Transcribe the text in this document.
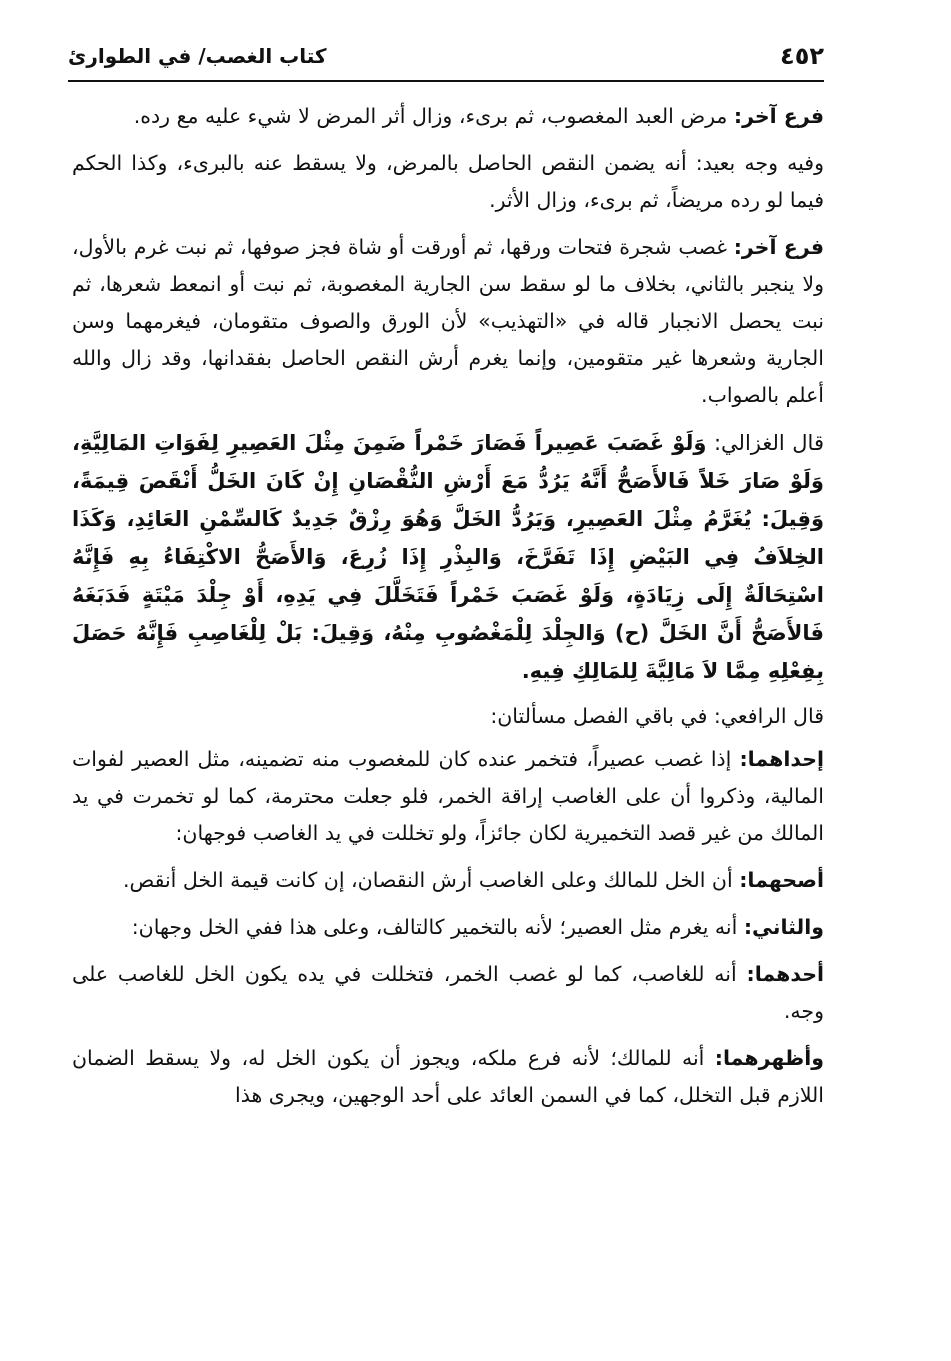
٤٥٢
كتاب الغصب/ في الطوارئ

فرع آخر: مرض العبد المغصوب، ثم برىء، وزال أثر المرض لا شيء عليه مع رده.

وفيه وجه بعيد: أنه يضمن النقص الحاصل بالمرض، ولا يسقط عنه بالبرىء، وكذا الحكم فيما لو رده مريضاً، ثم برىء، وزال الأثر.

فرع آخر: غصب شجرة فتحات ورقها، ثم أورقت أو شاة فجز صوفها، ثم نبت غرم بالأول، ولا ينجبر بالثاني، بخلاف ما لو سقط سن الجارية المغصوبة، ثم نبت أو انمعط شعرها، ثم نبت يحصل الانجبار قاله في «التهذيب» لأن الورق والصوف متقومان، فيغرمهما وسن الجارية وشعرها غير متقومين، وإنما يغرم أرش النقص الحاصل بفقدانها، وقد زال والله أعلم بالصواب.

قال الغزالي: وَلَوْ غَصَبَ عَصِيراً فَصَارَ خَمْراً ضَمِنَ مِثْلَ العَصِيرِ لِفَوَاتِ المَالِيَّةِ، وَلَوْ صَارَ خَلاً فَالأَصَحُّ أَنَّهُ يَرُدُّ مَعَ أَرْشِ النُّقْصَانِ إِنْ كَانَ الخَلُّ أَنْقَصَ قِيمَةً، وَقِيلَ: يُغَرَّمُ مِثْلَ العَصِيرِ، وَيَرُدُّ الخَلَّ وَهُوَ رِزْقٌ جَدِيدٌ كَالسِّمْنِ العَائِدِ، وَكَذَا الخِلاَفُ فِي البَيْضِ إِذَا تَفَرَّخَ، وَالبِذْرِ إِذَا زُرِعَ، وَالأَصَحُّ الاكْتِفَاءُ بِهِ فَإِنَّهُ اسْتِحَالَةٌ إِلَى زِيَادَةٍ، وَلَوْ غَصَبَ خَمْراً فَتَخَلَّلَ فِي يَدِهِ، أَوْ جِلْدَ مَيْتَةٍ فَدَبَغَهُ فَالأَصَحُّ أَنَّ الخَلَّ (ح) وَالجِلْدَ لِلْمَغْصُوبِ مِنْهُ، وَقِيلَ: بَلْ لِلْغَاصِبِ فَإِنَّهُ حَصَلَ بِفِعْلِهِ مِمَّا لاَ مَالِيَّةَ لِلمَالِكِ فِيهِ.

قال الرافعي: في باقي الفصل مسألتان:

إحداهما: إذا غصب عصيراً، فتخمر عنده كان للمغصوب منه تضمينه، مثل العصير لفوات المالية، وذكروا أن على الغاصب إراقة الخمر، فلو جعلت محترمة، كما لو تخمرت في يد المالك من غير قصد التخميرية لكان جائزاً، ولو تخللت في يد الغاصب فوجهان:

أصحهما: أن الخل للمالك وعلى الغاصب أرش النقصان، إن كانت قيمة الخل أنقص.

والثاني: أنه يغرم مثل العصير؛ لأنه بالتخمير كالتالف، وعلى هذا ففي الخل وجهان:

أحدهما: أنه للغاصب، كما لو غصب الخمر، فتخللت في يده يكون الخل للغاصب على وجه.

وأظهرهما: أنه للمالك؛ لأنه فرع ملكه، ويجوز أن يكون الخل له، ولا يسقط الضمان اللازم قبل التخلل، كما في السمن العائد على أحد الوجهين، ويجرى هذا
